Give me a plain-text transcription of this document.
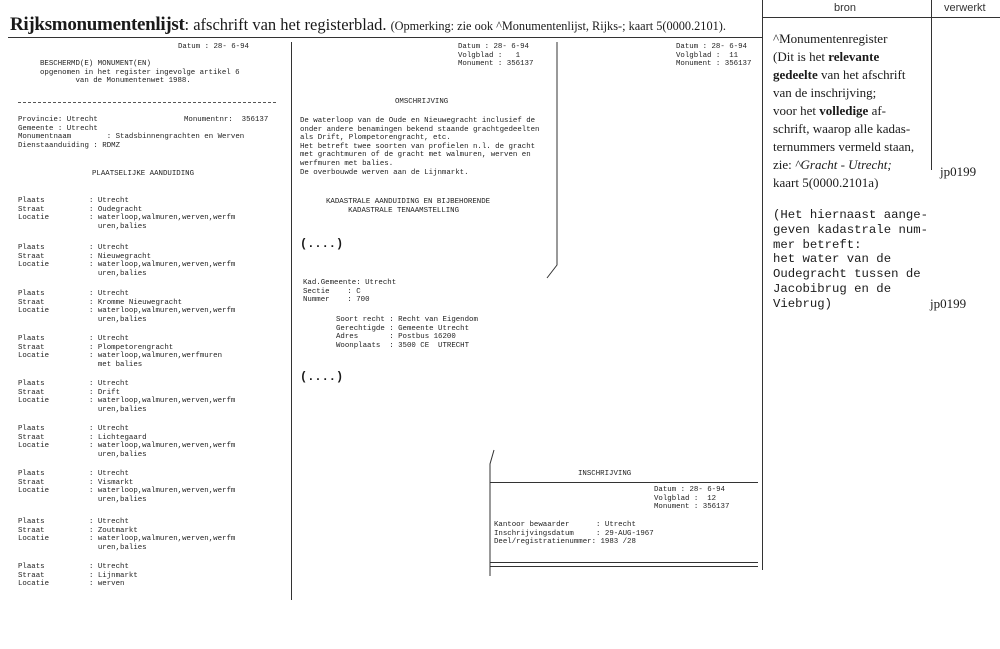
Rijksmonumentenlijst: afschrift van het registerblad. (Opmerking: zie ook ^Monumentenlijst, Rijks-; kaart 5(0000.2101).
bron	verwerkt
^Monumentenregister
(Dit is het relevante
gedeelte van het afschrift
van de inschrijving;
voor het volledige af-
schrift, waarop alle kadas-
ternummers vermeld staan,
zie: ^Gracht - Utrecht;
kaart 5(0000.2101a)
jp0199
(Het hiernaast aange-
geven kadastrale num-
mer betreft:
het water van de
Oudegracht tussen de
Jacobibrug en de
Viebrug)	jp0199
Datum : 28- 6-94
BESCHERMD(E) MONUMENT(EN)
opgenomen in het register ingevolge artikel 6
van de Monumentenwet 1988.
Provincie: Utrecht
Gemeente : Utrecht
Monumentnaam        : Stadsbinnengrachten en Werven
Dienstaanduiding : RDMZ
Monumentnr:  356137
PLAATSELIJKE AANDUIDING
Plaats          : Utrecht
Straat          : Oudegracht
Locatie         : waterloop,walmuren,werven,werfm
uren,balies
Plaats          : Utrecht
Straat          : Nieuwegracht
Locatie         : waterloop,walmuren,werven,werfm
uren,balies
Plaats          : Utrecht
Straat          : Kromme Nieuwegracht
Locatie         : waterloop,walmuren,werven,werfm
uren,balies
Plaats          : Utrecht
Straat          : Plompetorengracht
Locatie         : waterloop,walmuren,werfmuren
met balies
Plaats          : Utrecht
Straat          : Drift
Locatie         : waterloop,walmuren,werven,werfm
uren,balies
Plaats          : Utrecht
Straat          : Lichtegaard
Locatie         : waterloop,walmuren,werven,werfm
uren,balies
Plaats          : Utrecht
Straat          : Vismarkt
Locatie         : waterloop,walmuren,werven,werfm
uren,balies
Plaats          : Utrecht
Straat          : Zoutmarkt
Locatie         : waterloop,walmuren,werven,werfm
uren,balies
Plaats          : Utrecht
Straat          : Lijnmarkt
Locatie         : werven
Datum : 28- 6-94
Volgblad :   1
Monument : 356137
OMSCHRIJVING
De waterloop van de Oude en Nieuwegracht inclusief de
onder andere benamingen bekend staande grachtgedeelten
als Drift, Plompetorengracht, etc.
Het betreft twee soorten van profielen n.l. de gracht
met grachtmuren of de gracht met walmuren, werven en
werfmuren met balies.
De overbouwde werven aan de Lijnmarkt.
KADASTRALE AANDUIDING EN BIJBEHORENDE
KADASTRALE TENAAMSTELLING
(....)
Kad.Gemeente: Utrecht
Sectie    : C
Nummer    : 700
Soort recht : Recht van Eigendom
Gerechtigde : Gemeente Utrecht
Adres       : Postbus 16200
Woonplaats  : 3500 CE  UTRECHT
(....)
Datum : 28- 6-94
Volgblad :  11
Monument : 356137
INSCHRIJVING
Datum : 28- 6-94
Volgblad :  12
Monument : 356137
Kantoor bewaarder      : Utrecht
Inschrijvingsdatum     : 29-AUG-1967
Deel/registratienummer: 1983 /28
